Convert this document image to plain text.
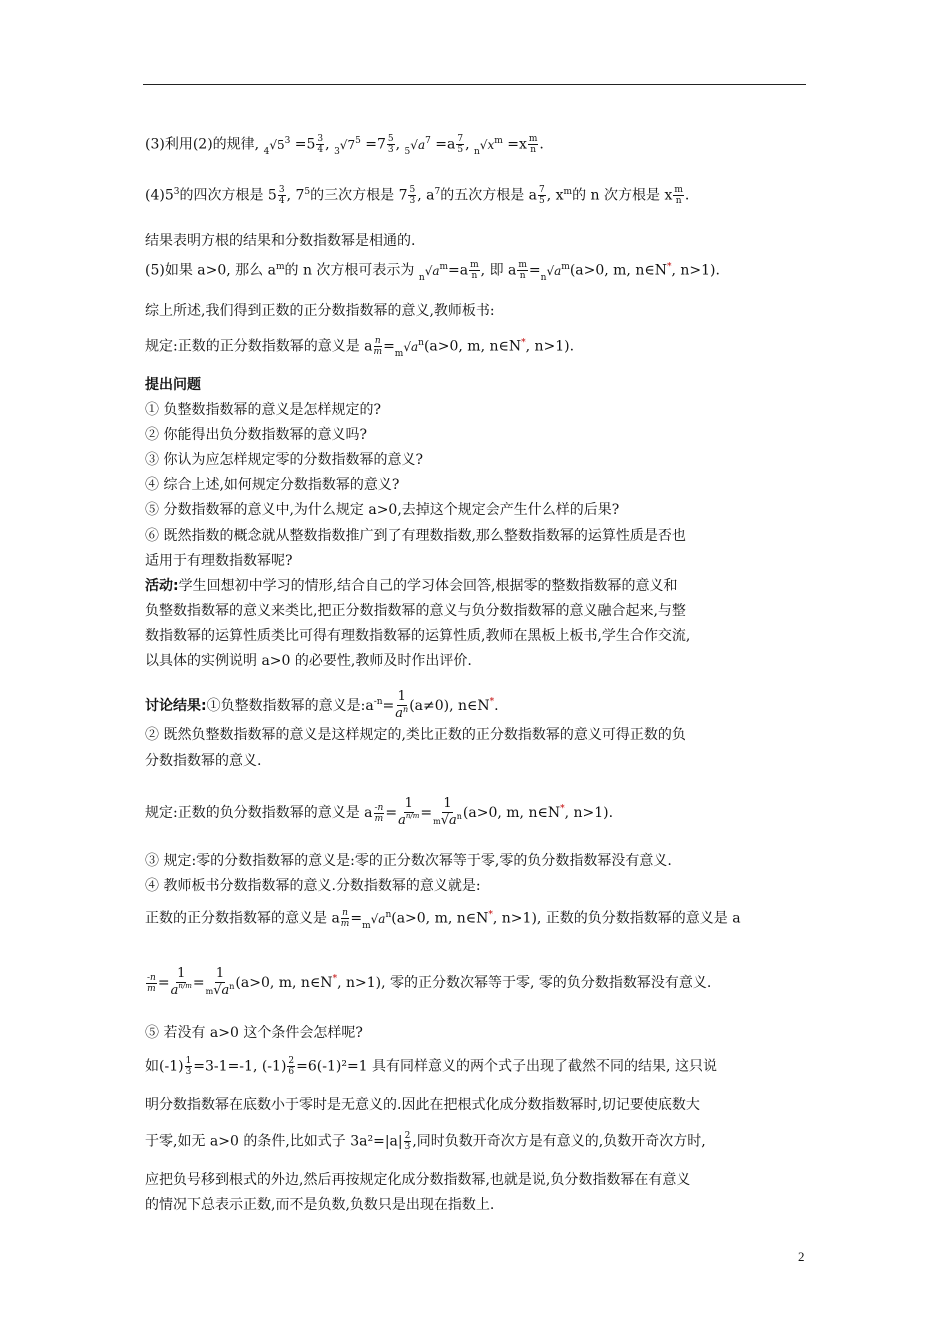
(3)利用(2)的规律, $_4√5^3 =5 \frac{3}{4}$ , $_3√7^5 =7 \frac{5}{3}$ , $_5√a^7 =a \frac{7}{5}$ , $_n√x^m =x \frac{m}{n}$ .
$(4)5^3$的四次方根是 $5 \frac{3}{4}$ , $7^5$的三次方根是 $7 \frac{5}{3}$ , $a^7$的五次方根是 a $\frac{7}{5}$ , $x^m$的 n 次方根是 x $\frac{m}{n}$ .
结果表明方根的结果和分数指数幂是相通的.
(5)如果 a>0, 那么 $a^m$的 n 次方根可表示为 $_n√a^m=a \frac{m}{n}$ , 即 a $\frac{m}{n} =_n√a^m(a>0$, m, n∈N*, n>1).
综上所述,我们得到正数的正分数指数幂的意义,教师板书:
规定:正数的正分数指数幂的意义是 a $\frac{n}{m} =_m√a^n(a>0$, m, n∈N*, n>1).
提出问题
① 负整数指数幂的意义是怎样规定的?
② 你能得出负分数指数幂的意义吗?
③ 你认为应怎样规定零的分数指数幂的意义?
④ 综合上述,如何规定分数指数幂的意义?
⑤ 分数指数幂的意义中,为什么规定 a>0,去掉这个规定会产生什么样的后果?
⑥ 既然指数的概念就从整数指数推广到了有理数指数,那么整数指数幂的运算性质是否也
适用于有理数指数幂呢?
活动:学生回想初中学习的情形,结合自己的学习体会回答,根据零的整数指数幂的意义和
负整数指数幂的意义来类比,把正分数指数幂的意义与负分数指数幂的意义融合起来,与整
数指数幂的运算性质类比可得有理数指数幂的运算性质,教师在黑板上板书,学生合作交流,
以具体的实例说明 a>0 的必要性,教师及时作出评价.
讨论结果:①负整数指数幂的意义是$:a^{-n}= \frac{1}{a^n} (a\ne 0)$, n∈N*.
② 既然负整数指数幂的意义是这样规定的,类比正数的正分数指数幂的意义可得正数的负
分数指数幂的意义.
规定:正数的负分数指数幂的意义是 a $\frac{-n}{m} = \frac{1}{a^{n/m}} = \frac{1}{m√a^n} (a>0$, m, n∈N*, n>1).
③ 规定:零的分数指数幂的意义是:零的正分数次幂等于零,零的负分数指数幂没有意义.
④ 教师板书分数指数幂的意义.分数指数幂的意义就是:
正数的正分数指数幂的意义是 a $\frac{n}{m} =_m√a^n(a>0$, m, n∈N*, n>1), 正数的负分数指数幂的意义是 a
$\frac{-n}{m} = \frac{1}{a^{n/m}} = \frac{1}{m√a^n} (a>0$, m, n∈N*, n>1), 零的正分数次幂等于零, 零的负分数指数幂没有意义.
⑤ 若没有 a>0 这个条件会怎样呢?
如$(-1) \frac{1}{3} =3-1=-1$, $(-1) \frac{2}{6} =6(-1)^2=1$ 具有同样意义的两个式子出现了截然不同的结果, 这只说
明分数指数幂在底数小于零时是无意义的.因此在把根式化成分数指数幂时,切记要使底数大
于零,如无 a>0 的条件,比如式子 $3a^2=|a| \frac{2}{3}$ ,同时负数开奇次方是有意义的,负数开奇次方时,
应把负号移到根式的外边,然后再按规定化成分数指数幂,也就是说,负分数指数幂在有意义
的情况下总表示正数,而不是负数,负数只是出现在指数上.
2
